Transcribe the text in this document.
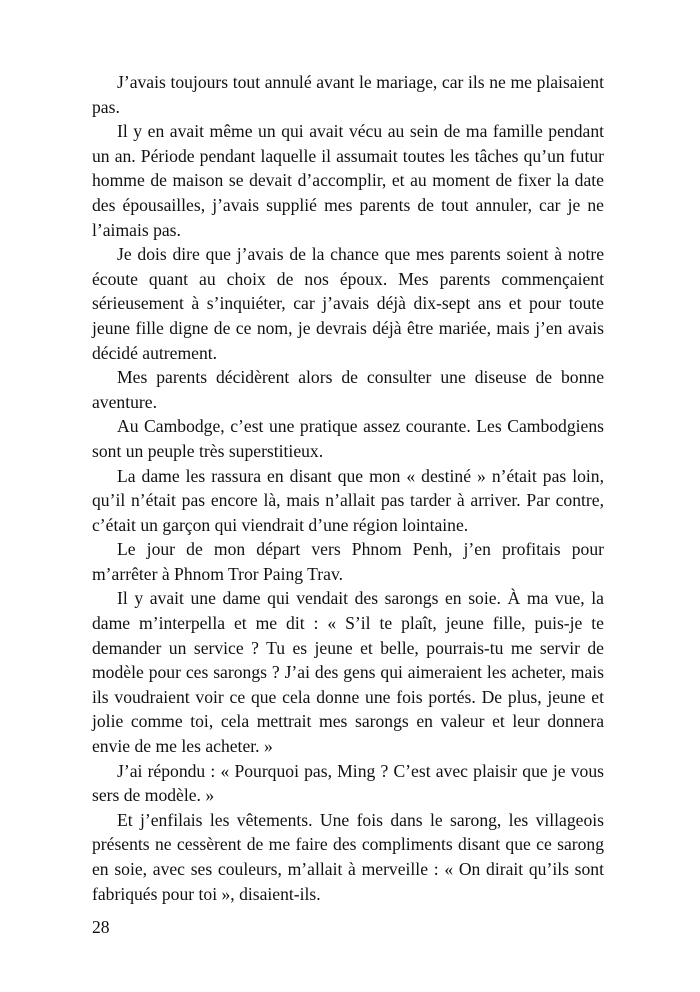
J’avais toujours tout annulé avant le mariage, car ils ne me plaisaient pas.

Il y en avait même un qui avait vécu au sein de ma famille pendant un an. Période pendant laquelle il assumait toutes les tâches qu’un futur homme de maison se devait d’accomplir, et au moment de fixer la date des épousailles, j’avais supplié mes parents de tout annuler, car je ne l’aimais pas.

Je dois dire que j’avais de la chance que mes parents soient à notre écoute quant au choix de nos époux. Mes parents commençaient sérieusement à s’inquiéter, car j’avais déjà dix-sept ans et pour toute jeune fille digne de ce nom, je devrais déjà être mariée, mais j’en avais décidé autrement.

Mes parents décidèrent alors de consulter une diseuse de bonne aventure.

Au Cambodge, c’est une pratique assez courante. Les Cambodgiens sont un peuple très superstitieux.

La dame les rassura en disant que mon « destiné » n’était pas loin, qu’il n’était pas encore là, mais n’allait pas tarder à arriver. Par contre, c’était un garçon qui viendrait d’une région lointaine.

Le jour de mon départ vers Phnom Penh, j’en profitais pour m’arrêter à Phnom Tror Paing Trav.

Il y avait une dame qui vendait des sarongs en soie. À ma vue, la dame m’interpella et me dit : « S’il te plaît, jeune fille, puis-je te demander un service ? Tu es jeune et belle, pourrais-tu me servir de modèle pour ces sarongs ? J’ai des gens qui aimeraient les acheter, mais ils voudraient voir ce que cela donne une fois portés. De plus, jeune et jolie comme toi, cela mettrait mes sarongs en valeur et leur donnera envie de me les acheter. »

J’ai répondu : « Pourquoi pas, Ming ? C’est avec plaisir que je vous sers de modèle. »

Et j’enfilais les vêtements. Une fois dans le sarong, les villageois présents ne cessèrent de me faire des compliments disant que ce sarong en soie, avec ses couleurs, m’allait à merveille : « On dirait qu’ils sont fabriqués pour toi », disaient-ils.

28
